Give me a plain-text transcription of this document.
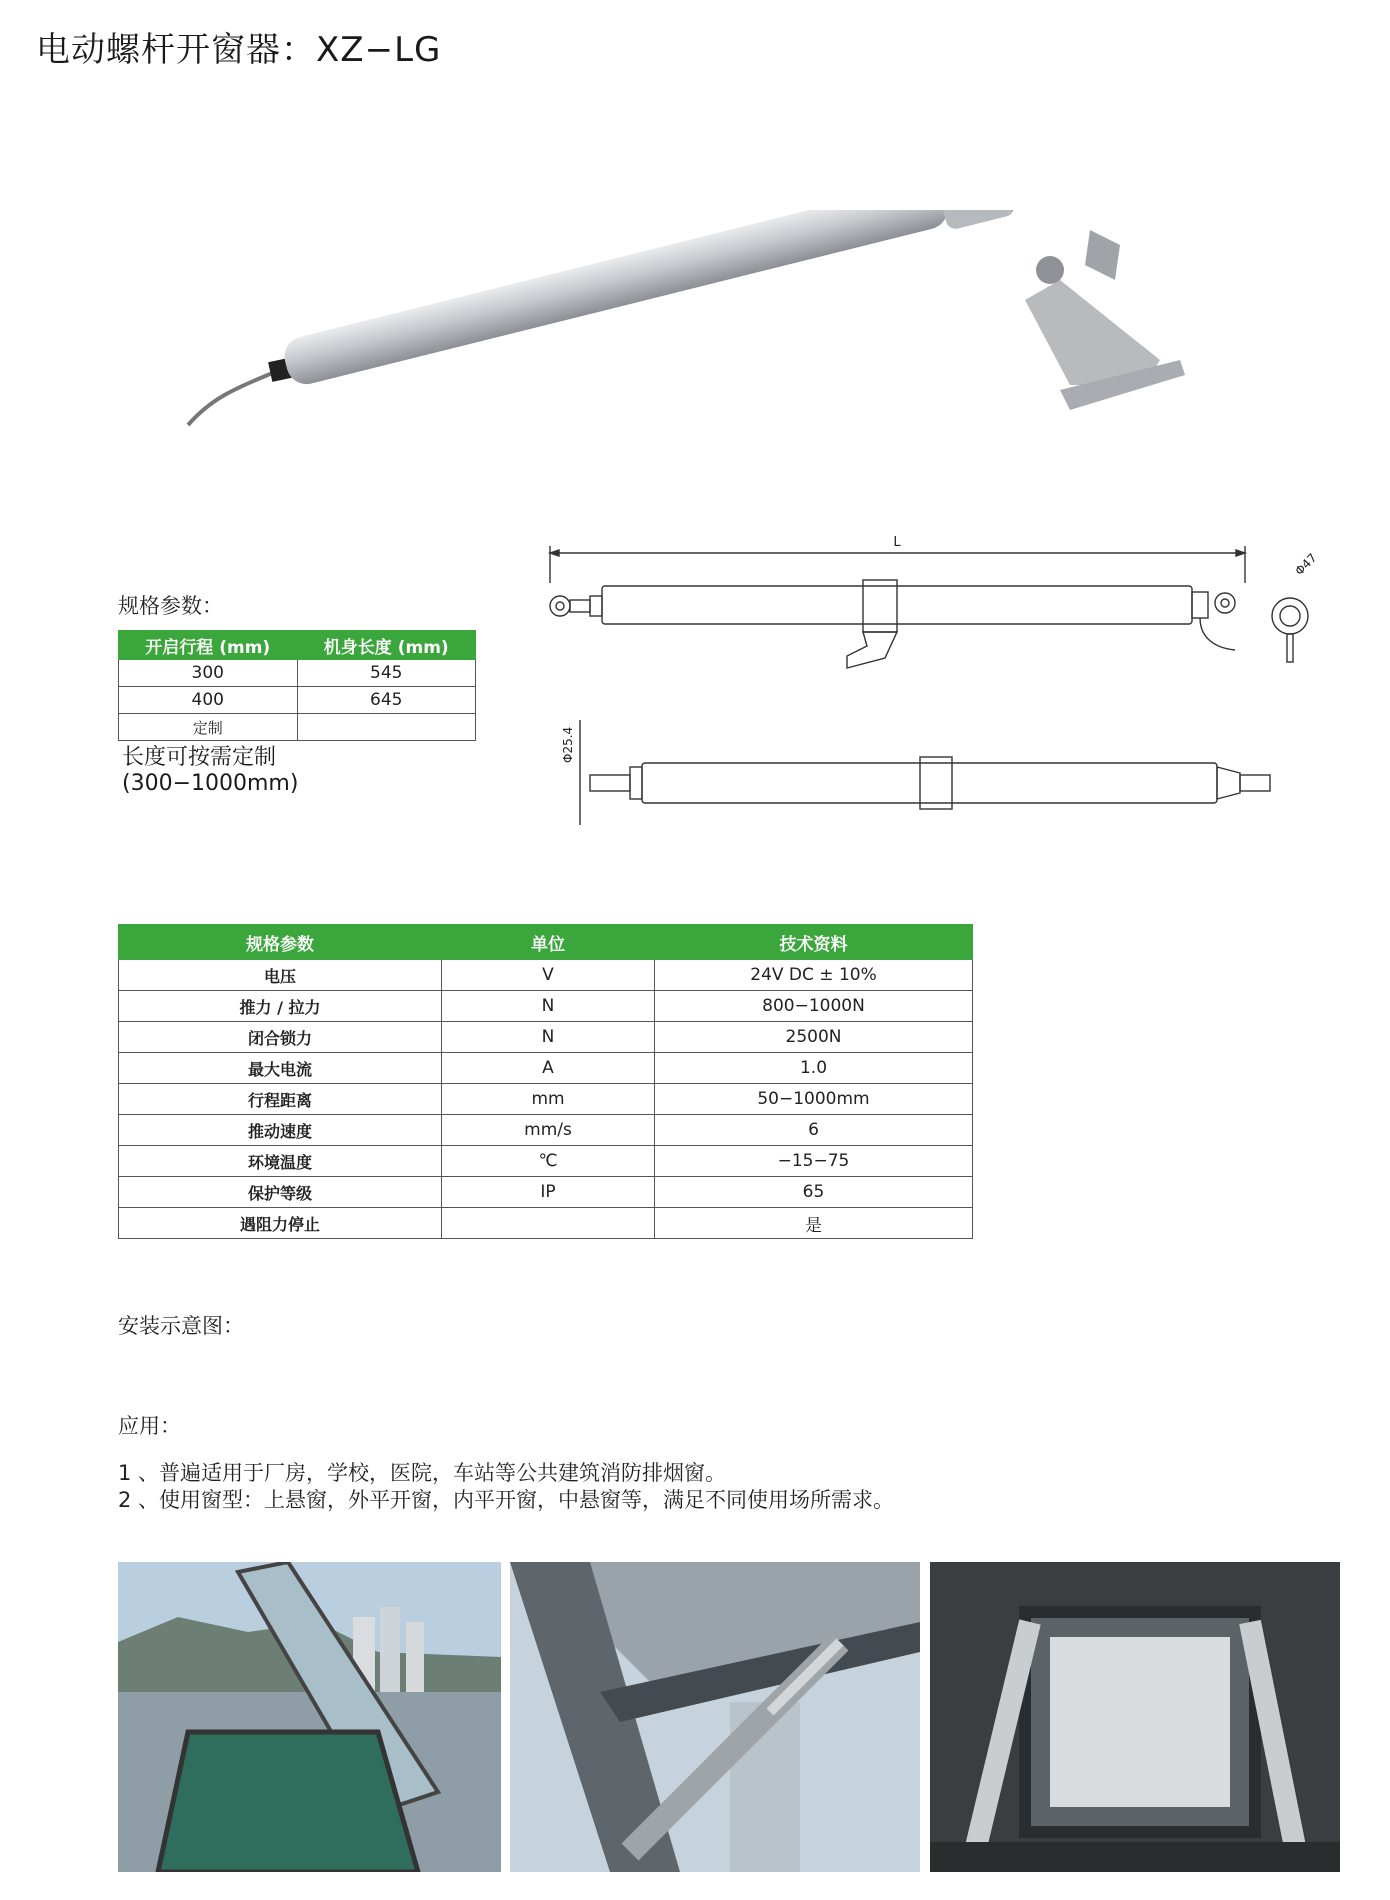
电动螺杆开窗器：XZ−LG
规格参数：
开启行程 (mm)	机身长度 (mm)
300	545
400	645
定制	
长度可按需定制
(300−1000mm)
L
Φ47
Φ25.4
规格参数	单位	技术资料
电压	V	24V DC ± 10%
推力 / 拉力	N	800−1000N
闭合锁力	N	2500N
最大电流	A	1.0
行程距离	mm	50−1000mm
推动速度	mm/s	6
环境温度	℃	−15−75
保护等级	IP	65
遇阻力停止		是
安装示意图：
应用：
1 、普遍适用于厂房，学校，医院，车站等公共建筑消防排烟窗。
2 、使用窗型：上悬窗，外平开窗，内平开窗，中悬窗等，满足不同使用场所需求。
